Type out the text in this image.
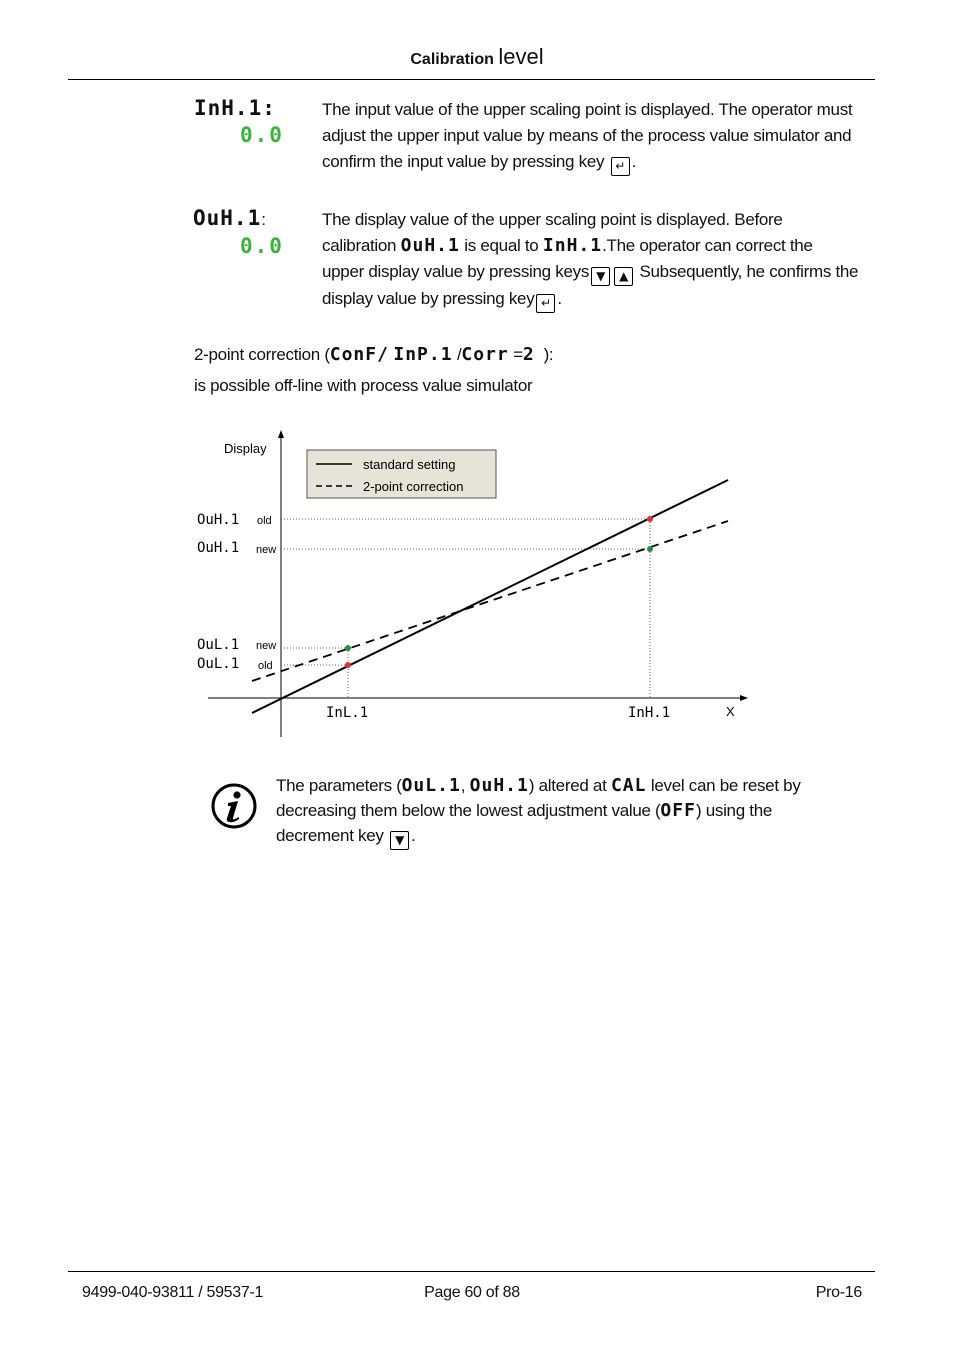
Calibration level
InH.1:
0.0
The input value of the upper scaling point is displayed. The operator must
adjust the upper input value by means of the process value simulator and
confirm the input value by pressing key ↵ .
OuH.1:
0.0
The display value of the upper scaling point is displayed. Before
calibration OuH.1 is equal to InH.1.The operator can correct the
upper display value by pressing keys ▼ ▲ Subsequently, he confirms the
display value by pressing key ↵ .
2-point correction (ConF/ InP.1 /Corr =2 ):
is possible off-line with process value simulator
Display
X
standard setting
2-point correction
OuH.1 old
OuH.1 new
OuL.1 new
OuL.1 old
InL.1	InH.1
The parameters (OuL.1, OuH.1) altered at CAL level can be reset by
decreasing them below the lowest adjustment value (OFF) using the
decrement key ▼ .
9499-040-93811 / 59537-1	Page 60 of 88	Pro-16
